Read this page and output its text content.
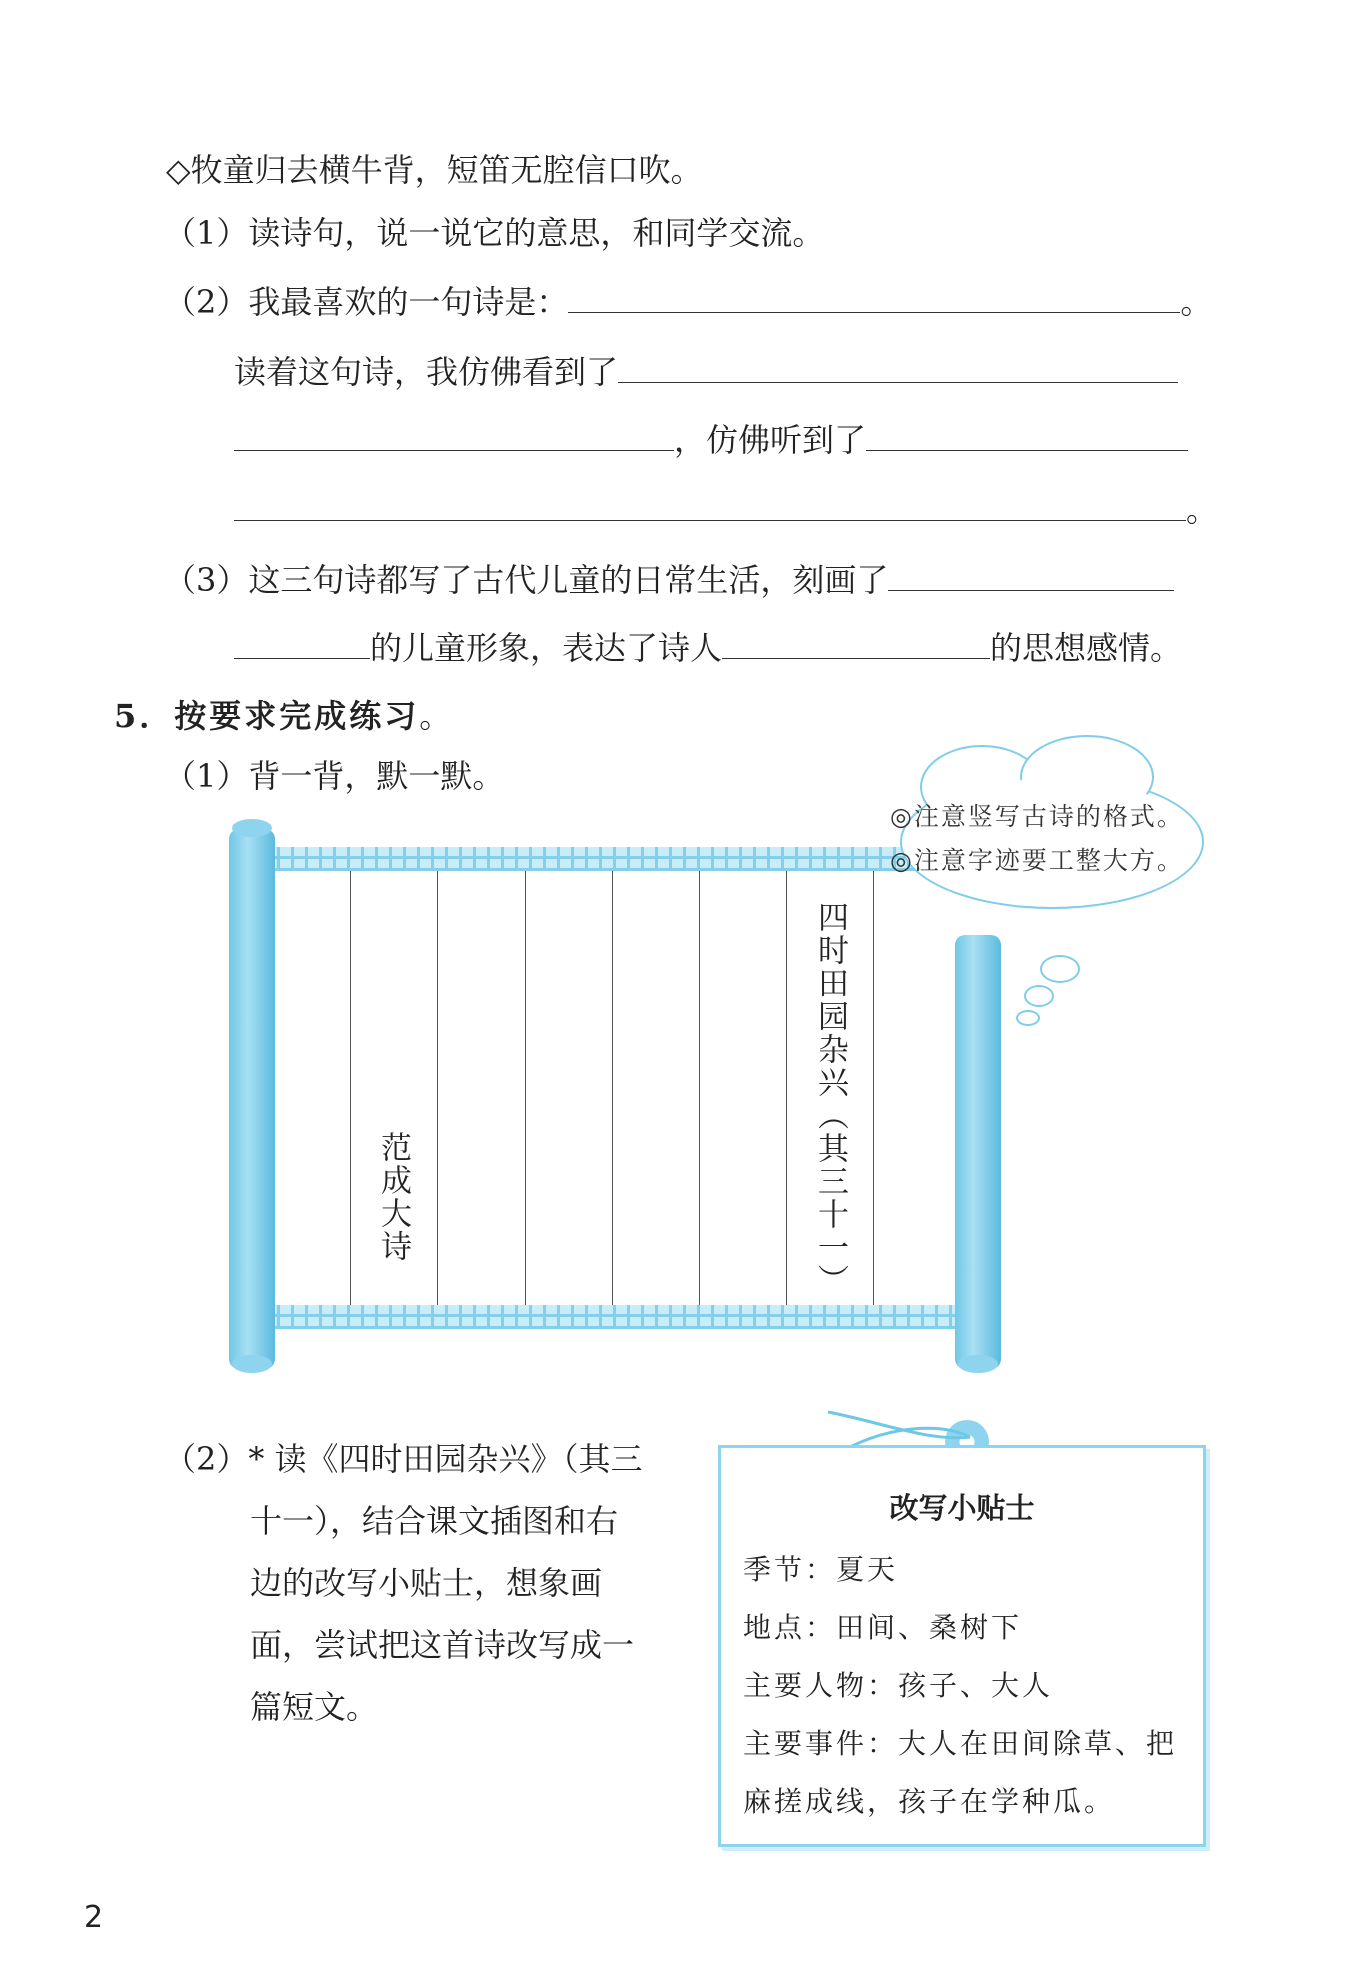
◇牧童归去横牛背，短笛无腔信口吹。
（1）读诗句，说一说它的意思，和同学交流。
（2）我最喜欢的一句诗是：	。
读着这句诗，我仿佛看到了
，仿佛听到了
。
（3）这三句诗都写了古代儿童的日常生活，刻画了
的儿童形象，表达了诗人	的思想感情。
5．按要求完成练习。
（1）背一背，默一默。
四时田园杂兴（其三十一）
范成大诗
◎注意竖写古诗的格式。
◎注意字迹要工整大方。
（2）* 读《四时田园杂兴》（其三
十一），结合课文插图和右
边的改写小贴士，想象画
面，尝试把这首诗改写成一
篇短文。
改写小贴士
季节：夏天
地点：田间、桑树下
主要人物：孩子、大人
主要事件：大人在田间除草、把
麻搓成线，孩子在学种瓜。
2
